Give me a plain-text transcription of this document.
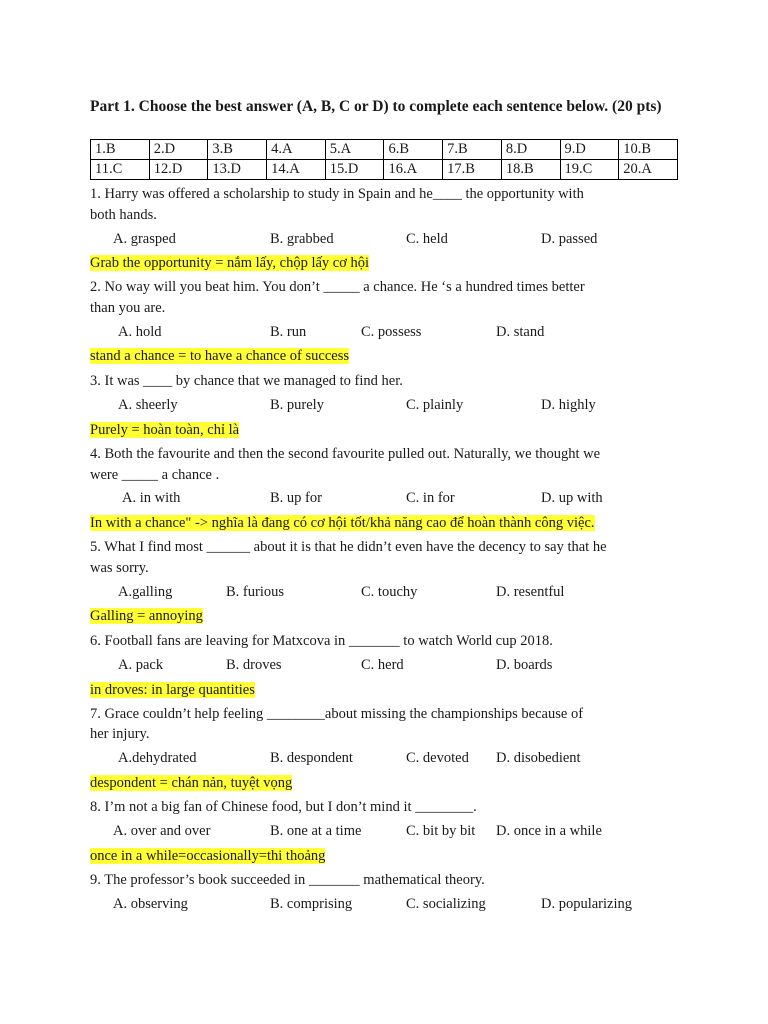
Part 1. Choose the best answer (A, B, C or D) to complete each sentence below. (20 pts)
1.B	2.D	3.B	4.A	5.A	6.B	7.B	8.D	9.D	10.B
11.C	12.D	13.D	14.A	15.D	16.A	17.B	18.B	19.C	20.A
1. Harry was offered a scholarship to study in Spain and he____ the opportunity with
both hands.
A. grasped	B. grabbed	C. held	D. passed
Grab the opportunity = nắm lấy, chộp lấy cơ hội
2. No way will you beat him. You don’t _____ a chance. He ‘s a hundred times better
than you are.
A. hold	B. run	C. possess	D. stand
stand a chance = to have a chance of success
3. It was ____ by chance that we managed to find her.
A. sheerly	B. purely	C. plainly	D. highly
Purely = hoàn toàn, chỉ là
4. Both the favourite and then the second favourite pulled out. Naturally, we thought we
were _____ a chance .
A. in with	B. up for	C. in for	D. up with
In with a chance" -> nghĩa là đang có cơ hội tốt/khả năng cao để hoàn thành công việc.
5. What I find most ______ about it is that he didn’t even have the decency to say that he
was sorry.
A.galling	B. furious	C. touchy	D. resentful
Galling = annoying
6. Football fans are leaving for Matxcova in _______ to watch World cup 2018.
A. pack	B. droves	C. herd	D. boards
in droves: in large quantities
7. Grace couldn’t help feeling ________about missing the championships because of
her injury.
A.dehydrated	B. despondent	C. devoted D. disobedient
despondent = chán nản, tuyệt vọng
8. I’m not a big fan of Chinese food, but I don’t mind it ________.
A. over and over	B. one at a time	C. bit by bit D. once in a while
once in a while=occasionally=thi thoảng
9. The professor’s book succeeded in _______ mathematical theory.
A. observing	B. comprising	C. socializing	D. popularizing
